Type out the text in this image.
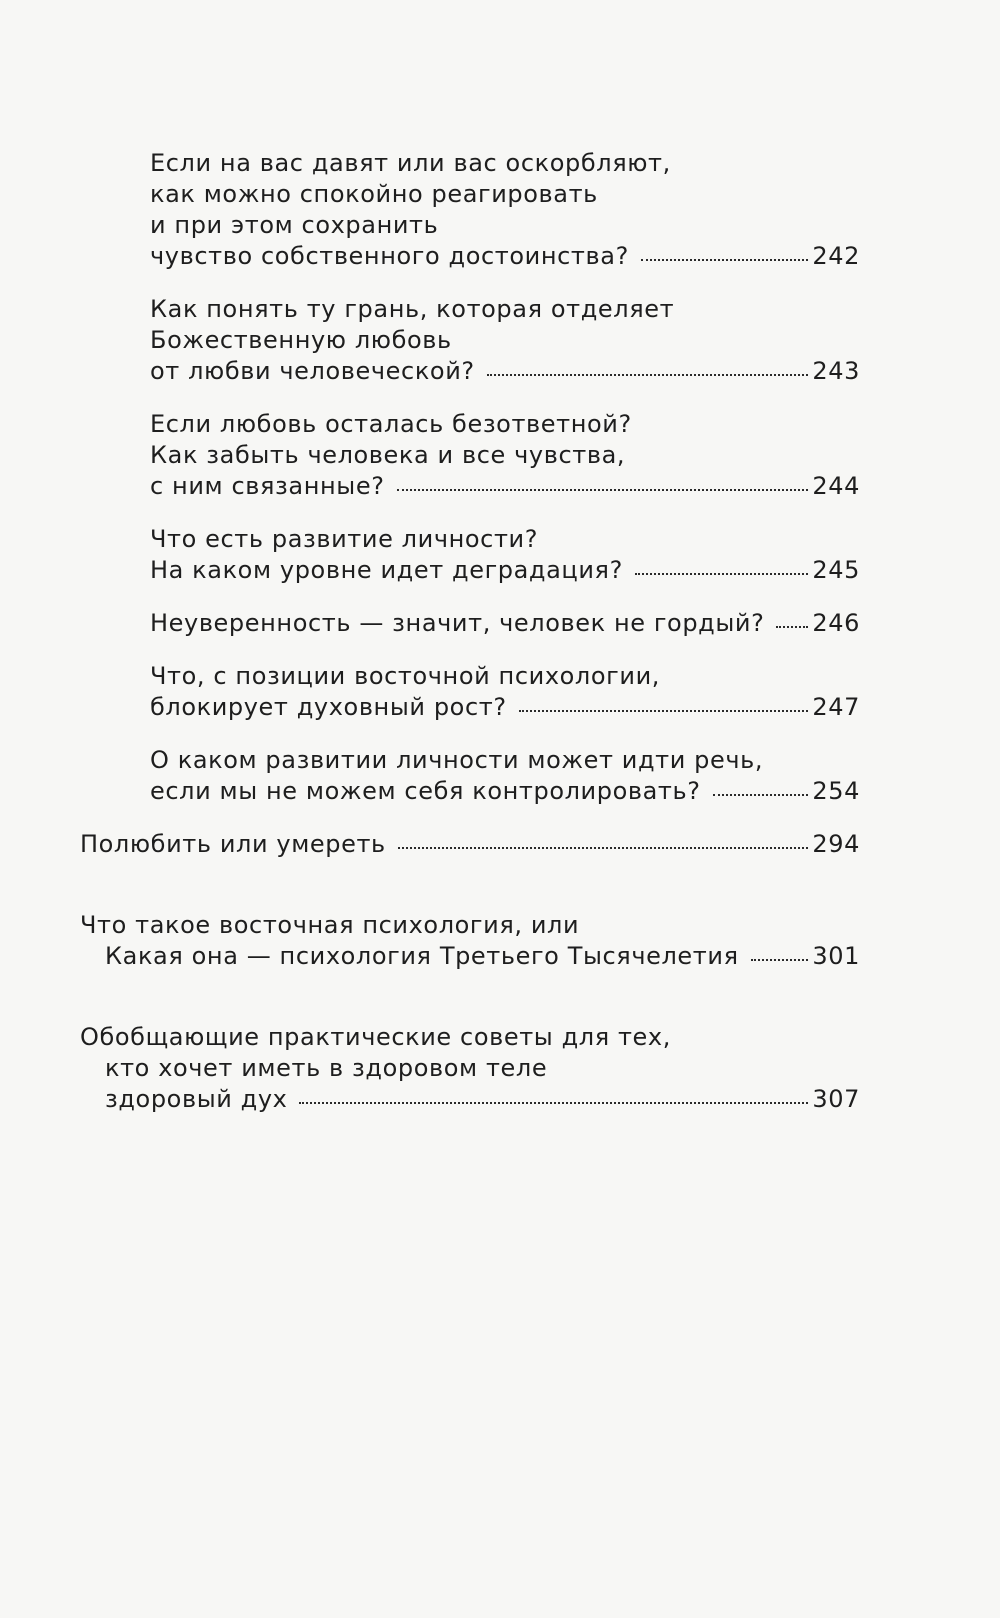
Если на вас давят или вас оскорбляют,
как можно спокойно реагировать
и при этом сохранить
чувство собственного достоинства?	242
Как понять ту грань, которая отделяет
Божественную любовь
от любви человеческой?	243
Если любовь осталась безответной?
Как забыть человека и все чувства,
с ним связанные?	244
Что есть развитие личности?
На каком уровне идет деградация?	245
Неуверенность — значит, человек не гордый? 246
Что, с позиции восточной психологии,
блокирует духовный рост?	247
О каком развитии личности может идти речь,
если мы не можем себя контролировать?	254
Полюбить или умереть	294
Что такое восточная психология, или
Какая она — психология Третьего Тысячелетия	301
Обобщающие практические советы для тех,
кто хочет иметь в здоровом теле
здоровый дух	307
